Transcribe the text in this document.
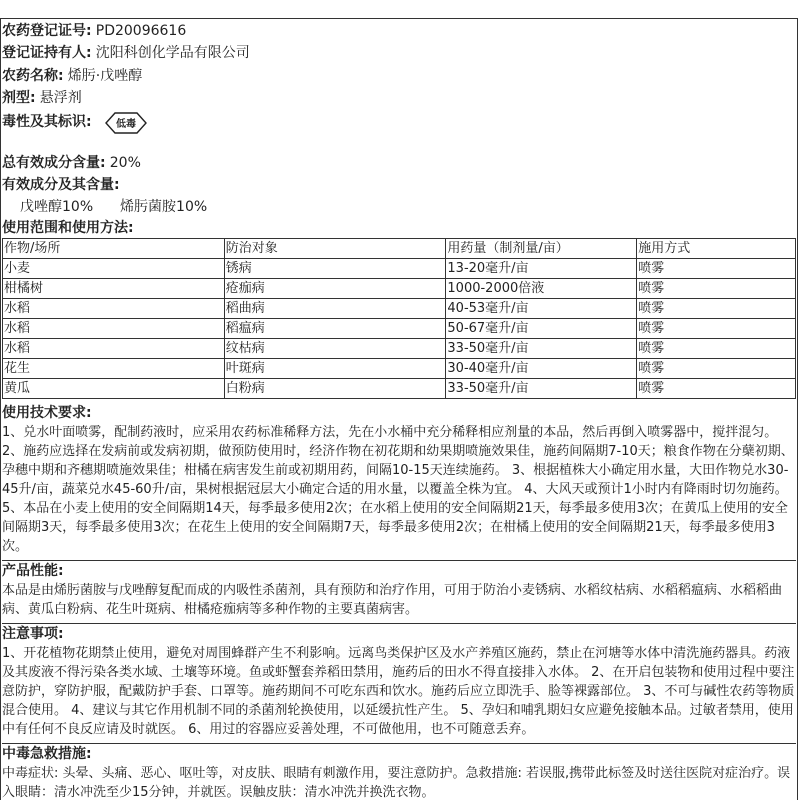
农药登记证号: PD20096616
登记证持有人: 沈阳科创化学品有限公司
农药名称: 烯肟·戊唑醇
剂型: 悬浮剂
毒性及其标识: 低毒
总有效成分含量: 20%
有效成分及其含量:
戊唑醇10% 烯肟菌胺10%
使用范围和使用方法:
作物/场所	防治对象	用药量（制剂量/亩）	施用方式
小麦	锈病	13-20毫升/亩	喷雾
柑橘树	疮痂病	1000-2000倍液	喷雾
水稻	稻曲病	40-53毫升/亩	喷雾
水稻	稻瘟病	50-67毫升/亩	喷雾
水稻	纹枯病	33-50毫升/亩	喷雾
花生	叶斑病	30-40毫升/亩	喷雾
黄瓜	白粉病	33-50毫升/亩	喷雾
使用技术要求:
1、兑水叶面喷雾，配制药液时，应采用农药标准稀释方法，先在小水桶中充分稀释相应剂量的本品，然后再倒入喷雾器中，搅拌混匀。 2、施药应选择在发病前或发病初期，做预防使用时，经济作物在初花期和幼果期喷施效果佳，施药间隔期7-10天；粮食作物在分蘖初期、孕穗中期和齐穗期喷施效果佳；柑橘在病害发生前或初期用药，间隔10-15天连续施药。 3、根据植株大小确定用水量，大田作物兑水30-45升/亩，蔬菜兑水45-60升/亩，果树根据冠层大小确定合适的用水量，以覆盖全株为宜。 4、大风天或预计1小时内有降雨时切勿施药。 5、本品在小麦上使用的安全间隔期14天，每季最多使用2次；在水稻上使用的安全间隔期21天，每季最多使用3次；在黄瓜上使用的安全间隔期3天，每季最多使用3次；在花生上使用的安全间隔期7天，每季最多使用2次；在柑橘上使用的安全间隔期21天，每季最多使用3次。
产品性能:
本品是由烯肟菌胺与戊唑醇复配而成的内吸性杀菌剂，具有预防和治疗作用，可用于防治小麦锈病、水稻纹枯病、水稻稻瘟病、水稻稻曲病、黄瓜白粉病、花生叶斑病、柑橘疮痂病等多种作物的主要真菌病害。
注意事项:
1、开花植物花期禁止使用，避免对周围蜂群产生不利影响。远离鸟类保护区及水产养殖区施药，禁止在河塘等水体中清洗施药器具。药液及其废液不得污染各类水域、土壤等环境。鱼或虾蟹套养稻田禁用，施药后的田水不得直接排入水体。 2、在开启包装物和使用过程中要注意防护，穿防护服，配戴防护手套、口罩等。施药期间不可吃东西和饮水。施药后应立即洗手、脸等裸露部位。 3、不可与碱性农药等物质混合使用。 4、建议与其它作用机制不同的杀菌剂轮换使用，以延缓抗性产生。 5、孕妇和哺乳期妇女应避免接触本品。过敏者禁用，使用中有任何不良反应请及时就医。 6、用过的容器应妥善处理，不可做他用，也不可随意丢弃。
中毒急救措施:
中毒症状: 头晕、头痛、恶心、呕吐等，对皮肤、眼睛有刺激作用，要注意防护。急救措施: 若误服,携带此标签及时送往医院对症治疗。误入眼睛：清水冲洗至少15分钟，并就医。误触皮肤：清水冲洗并换洗衣物。
